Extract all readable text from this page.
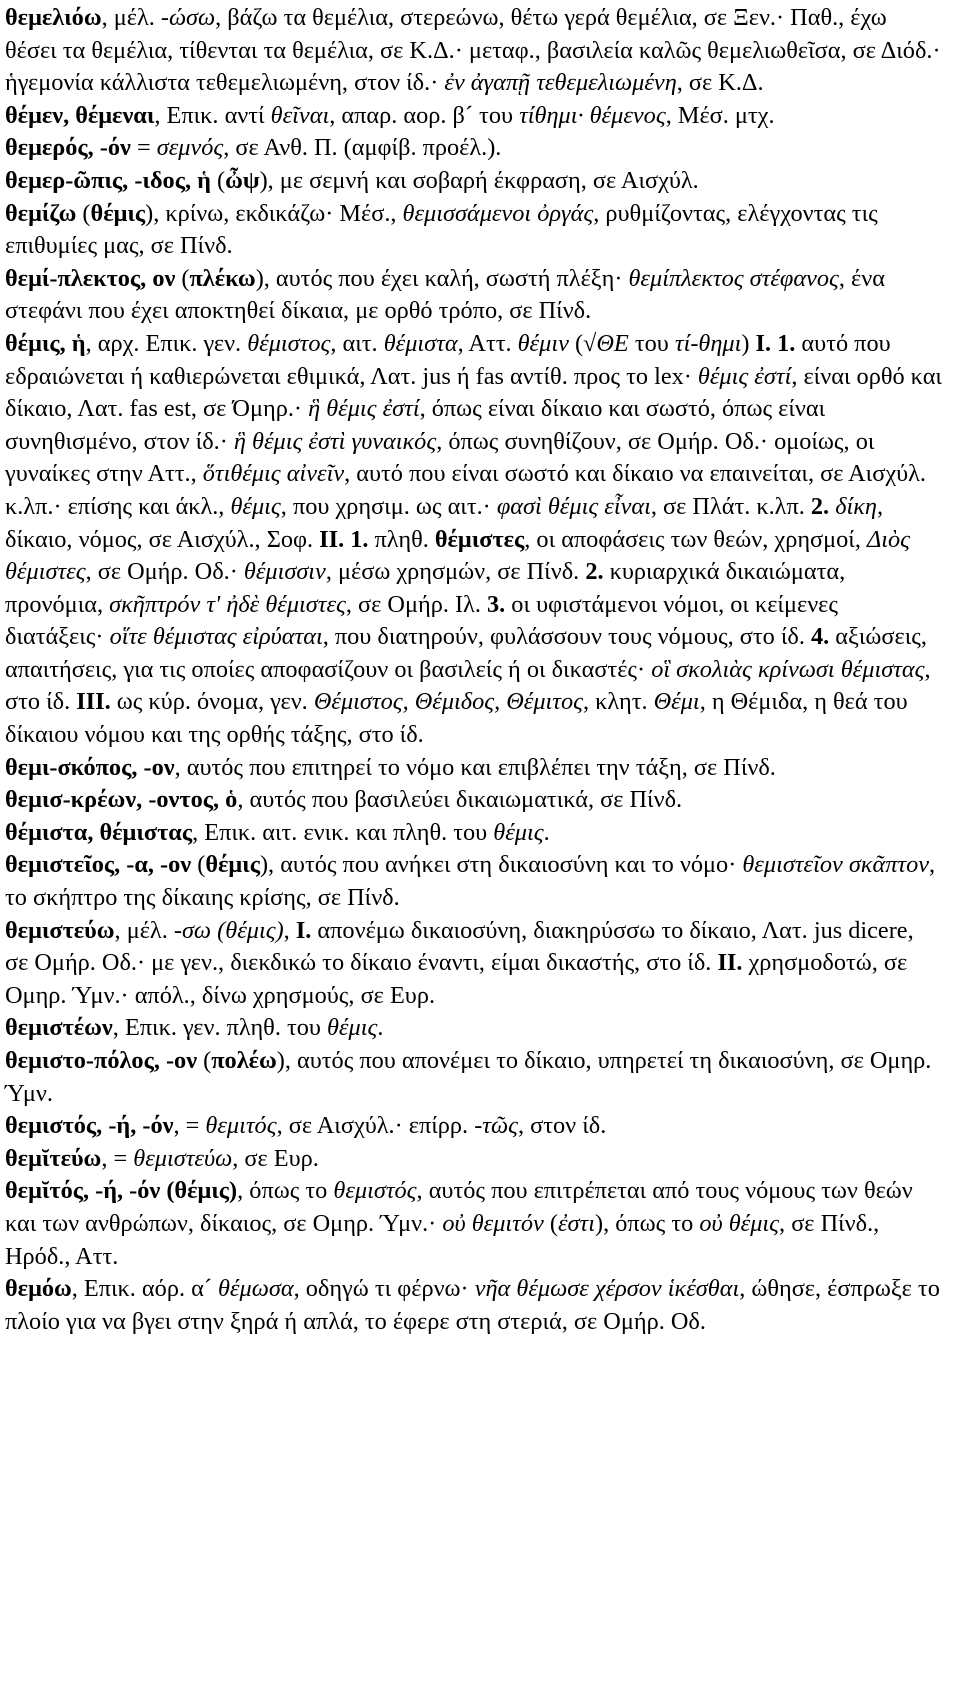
θεμελιόω, μέλ. -ώσω, βάζω τα θεμέλια, στερεώνω, θέτω γερά θεμέλια, σε Ξεν.· Παθ., έχω θέσει τα θεμέλια, τίθενται τα θεμέλια, σε Κ.Δ.· μεταφ., βασιλεία καλῶς θεμελιωθεῖσα, σε Διόδ.· ἡγεμονία κάλλιστα τεθεμελιωμένη, στον ίδ.· ἐν ἀγαπῇ τεθεμελιωμένη, σε Κ.Δ.

θέμεν, θέμεναι, Επικ. αντί θεῖναι, απαρ. αορ. β´ του τίθημι· θέμενος, Μέσ. μτχ.

θεμερός, -όν = σεμνός, σε Ανθ. Π. (αμφίβ. προέλ.).

θεμερ-ῶπις, -ιδος, ἡ (ὦψ), με σεμνή και σοβαρή έκφραση, σε Αισχύλ.

θεμίζω (θέμις), κρίνω, εκδικάζω· Μέσ., θεμισσάμενοι ὀργάς, ρυθμίζοντας, ελέγχοντας τις επιθυμίες μας, σε Πίνδ.

θεμί-πλεκτος, ον (πλέκω), αυτός που έχει καλή, σωστή πλέξη· θεμίπλεκτος στέφανος, ένα στεφάνι που έχει αποκτηθεί δίκαια, με ορθό τρόπο, σε Πίνδ.

θέμις, ἡ, αρχ. Επικ. γεν. θέμιστος, αιτ. θέμιστα, Αττ. θέμιν (√ΘΕ του τί-θημι) I. 1. αυτό που εδραιώνεται ή καθιερώνεται εθιμικά, Λατ. jus ή fas αντίθ. προς το lex· θέμις ἐστί, είναι ορθό και δίκαιο, Λατ. fas est, σε Όμηρ.· ἣ θέμις ἐστί, όπως είναι δίκαιο και σωστό, όπως είναι συνηθισμένο, στον ίδ.· ἣ θέμις ἐστὶ γυναικός, όπως συνηθίζουν, σε Ομήρ. Οδ.· ομοίως, οι γυναίκες στην Αττ., ὅτιθέμις αἰνεῖν, αυτό που είναι σωστό και δίκαιο να επαινείται, σε Αισχύλ. κ.λπ.· επίσης και άκλ., θέμις, που χρησιμ. ως αιτ.· φασὶ θέμις εἶναι, σε Πλάτ. κ.λπ. 2. δίκη, δίκαιο, νόμος, σε Αισχύλ., Σοφ. II. 1. πληθ. θέμιστες, οι αποφάσεις των θεών, χρησμοί, Διὸς θέμιστες, σε Ομήρ. Οδ.· θέμισσιν, μέσω χρησμών, σε Πίνδ. 2. κυριαρχικά δικαιώματα, προνόμια, σκῆπτρόν τ' ἠδὲ θέμιστες, σε Ομήρ. Ιλ. 3. οι υφιστάμενοι νόμοι, οι κείμενες διατάξεις· οἵτε θέμιστας εἰρύαται, που διατηρούν, φυλάσσουν τους νόμους, στο ίδ. 4. αξιώσεις, απαιτήσεις, για τις οποίες αποφασίζουν οι βασιλείς ή οι δικαστές· οἳ σκολιὰς κρίνωσι θέμιστας, στο ίδ. III. ως κύρ. όνομα, γεν. Θέμιστος, Θέμιδος, Θέμιτος, κλητ. Θέμι, η Θέμιδα, η θεά του δίκαιου νόμου και της ορθής τάξης, στο ίδ.

θεμι-σκόπος, -ον, αυτός που επιτηρεί το νόμο και επιβλέπει την τάξη, σε Πίνδ.

θεμισ-κρέων, -οντος, ὁ, αυτός που βασιλεύει δικαιωματικά, σε Πίνδ.

θέμιστα, θέμιστας, Επικ. αιτ. ενικ. και πληθ. του θέμις.

θεμιστεῖος, -α, -ον (θέμις), αυτός που ανήκει στη δικαιοσύνη και το νόμο· θεμιστεῖον σκᾶπτον, το σκήπτρο της δίκαιης κρίσης, σε Πίνδ.

θεμιστεύω, μέλ. -σω (θέμις), I. απονέμω δικαιοσύνη, διακηρύσσω το δίκαιο, Λατ. jus dicere, σε Ομήρ. Οδ.· με γεν., διεκδικώ το δίκαιο έναντι, είμαι δικαστής, στο ίδ. II. χρησμοδοτώ, σε Ομηρ. Ύμν.· απόλ., δίνω χρησμούς, σε Ευρ.

θεμιστέων, Επικ. γεν. πληθ. του θέμις.

θεμιστο-πόλος, -ον (πολέω), αυτός που απονέμει το δίκαιο, υπηρετεί τη δικαιοσύνη, σε Ομηρ. Ύμν.

θεμιστός, -ή, -όν, = θεμιτός, σε Αισχύλ.· επίρρ. -τῶς, στον ίδ.

θεμῐτεύω, = θεμιστεύω, σε Ευρ.

θεμῐτός, -ή, -όν (θέμις), όπως το θεμιστός, αυτός που επιτρέπεται από τους νόμους των θεών και των ανθρώπων, δίκαιος, σε Ομηρ. Ύμν.· οὐ θεμιτόν (ἐστι), όπως το οὐ θέμις, σε Πίνδ., Ηρόδ., Αττ.

θεμόω, Επικ. αόρ. α´ θέμωσα, οδηγώ τι φέρνω· νῆα θέμωσε χέρσον ἱκέσθαι, ώθησε, έσπρωξε το πλοίο για να βγει στην ξηρά ή απλά, το έφερε στη στεριά, σε Ομήρ. Οδ.
